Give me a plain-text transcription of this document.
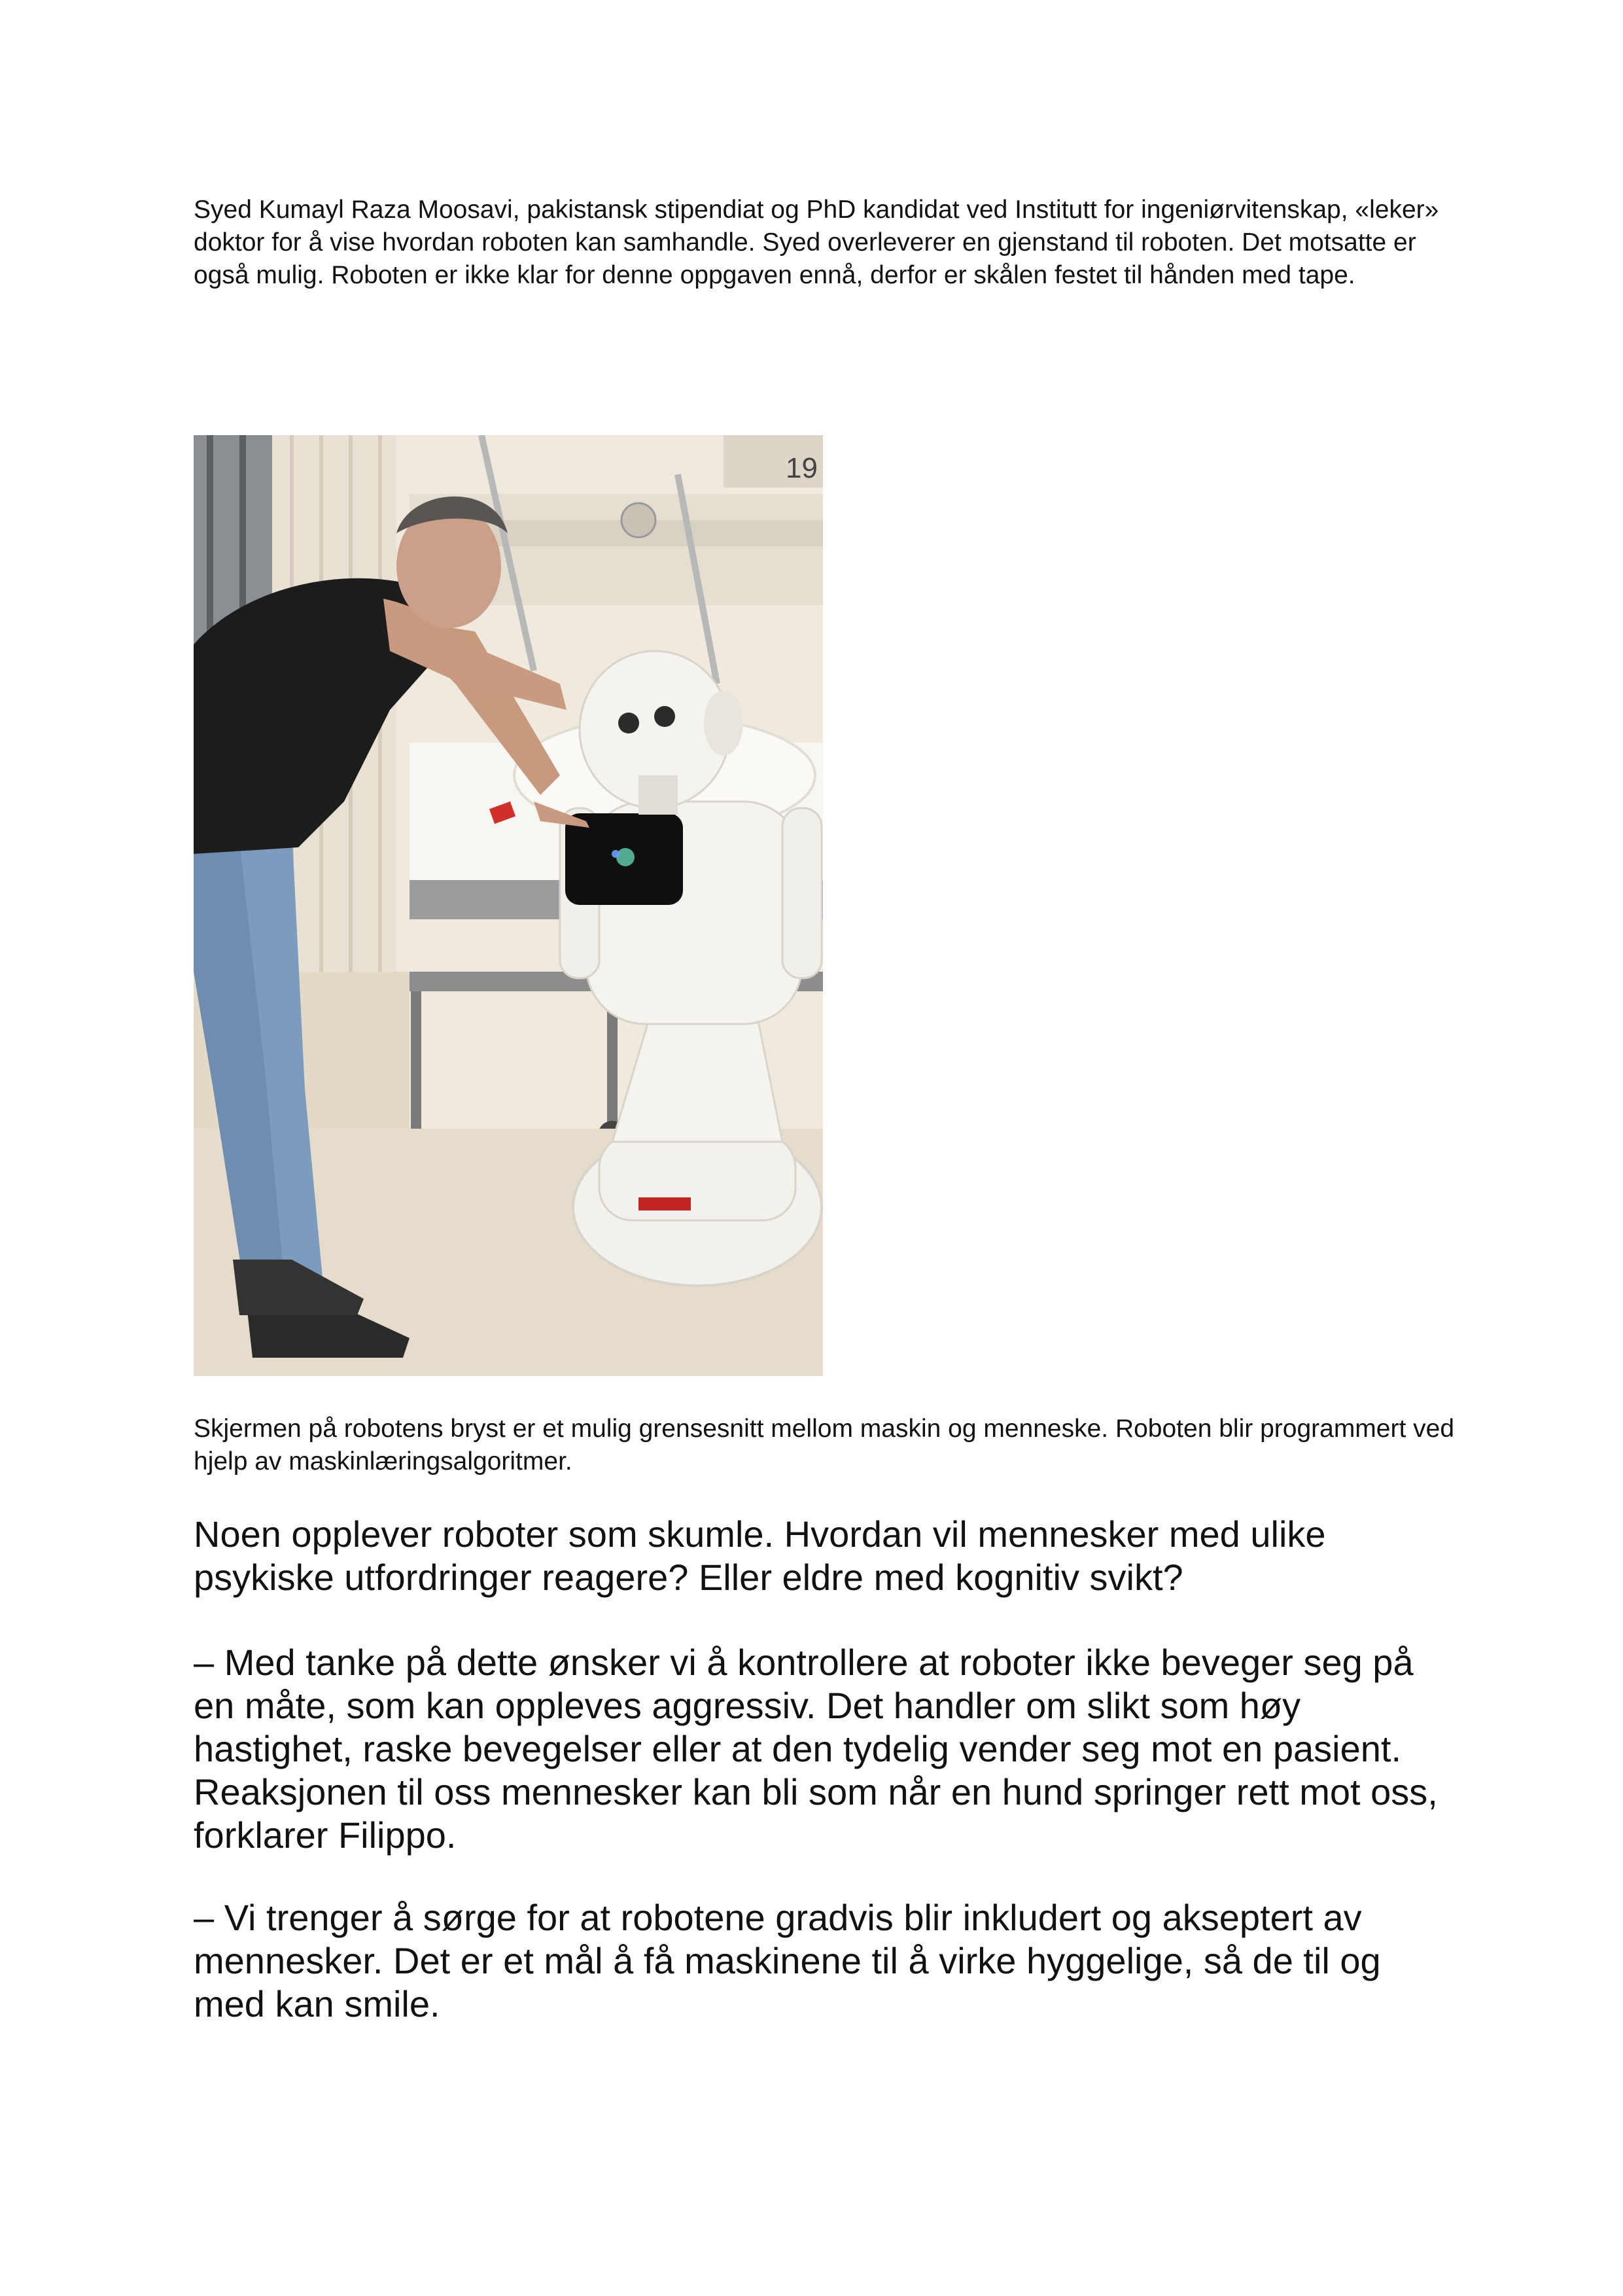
Syed Kumayl Raza Moosavi, pakistansk stipendiat og PhD kandidat ved Institutt for ingeniørvitenskap, «leker» doktor for å vise hvordan roboten kan samhandle. Syed overleverer en gjenstand til roboten. Det motsatte er også mulig. Roboten er ikke klar for denne oppgaven ennå, derfor er skålen festet til hånden med tape.

19

Skjermen på robotens bryst er et mulig grensesnitt mellom maskin og menneske. Roboten blir programmert ved hjelp av maskinlæringsalgoritmer.

Noen opplever roboter som skumle. Hvordan vil mennesker med ulike psykiske utfordringer reagere? Eller eldre med kognitiv svikt?

– Med tanke på dette ønsker vi å kontrollere at roboter ikke beveger seg på en måte, som kan oppleves aggressiv. Det handler om slikt som høy hastighet, raske bevegelser eller at den tydelig vender seg mot en pasient. Reaksjonen til oss mennesker kan bli som når en hund springer rett mot oss, forklarer Filippo.

– Vi trenger å sørge for at robotene gradvis blir inkludert og akseptert av mennesker. Det er et mål å få maskinene til å virke hyggelige, så de til og med kan smile.
